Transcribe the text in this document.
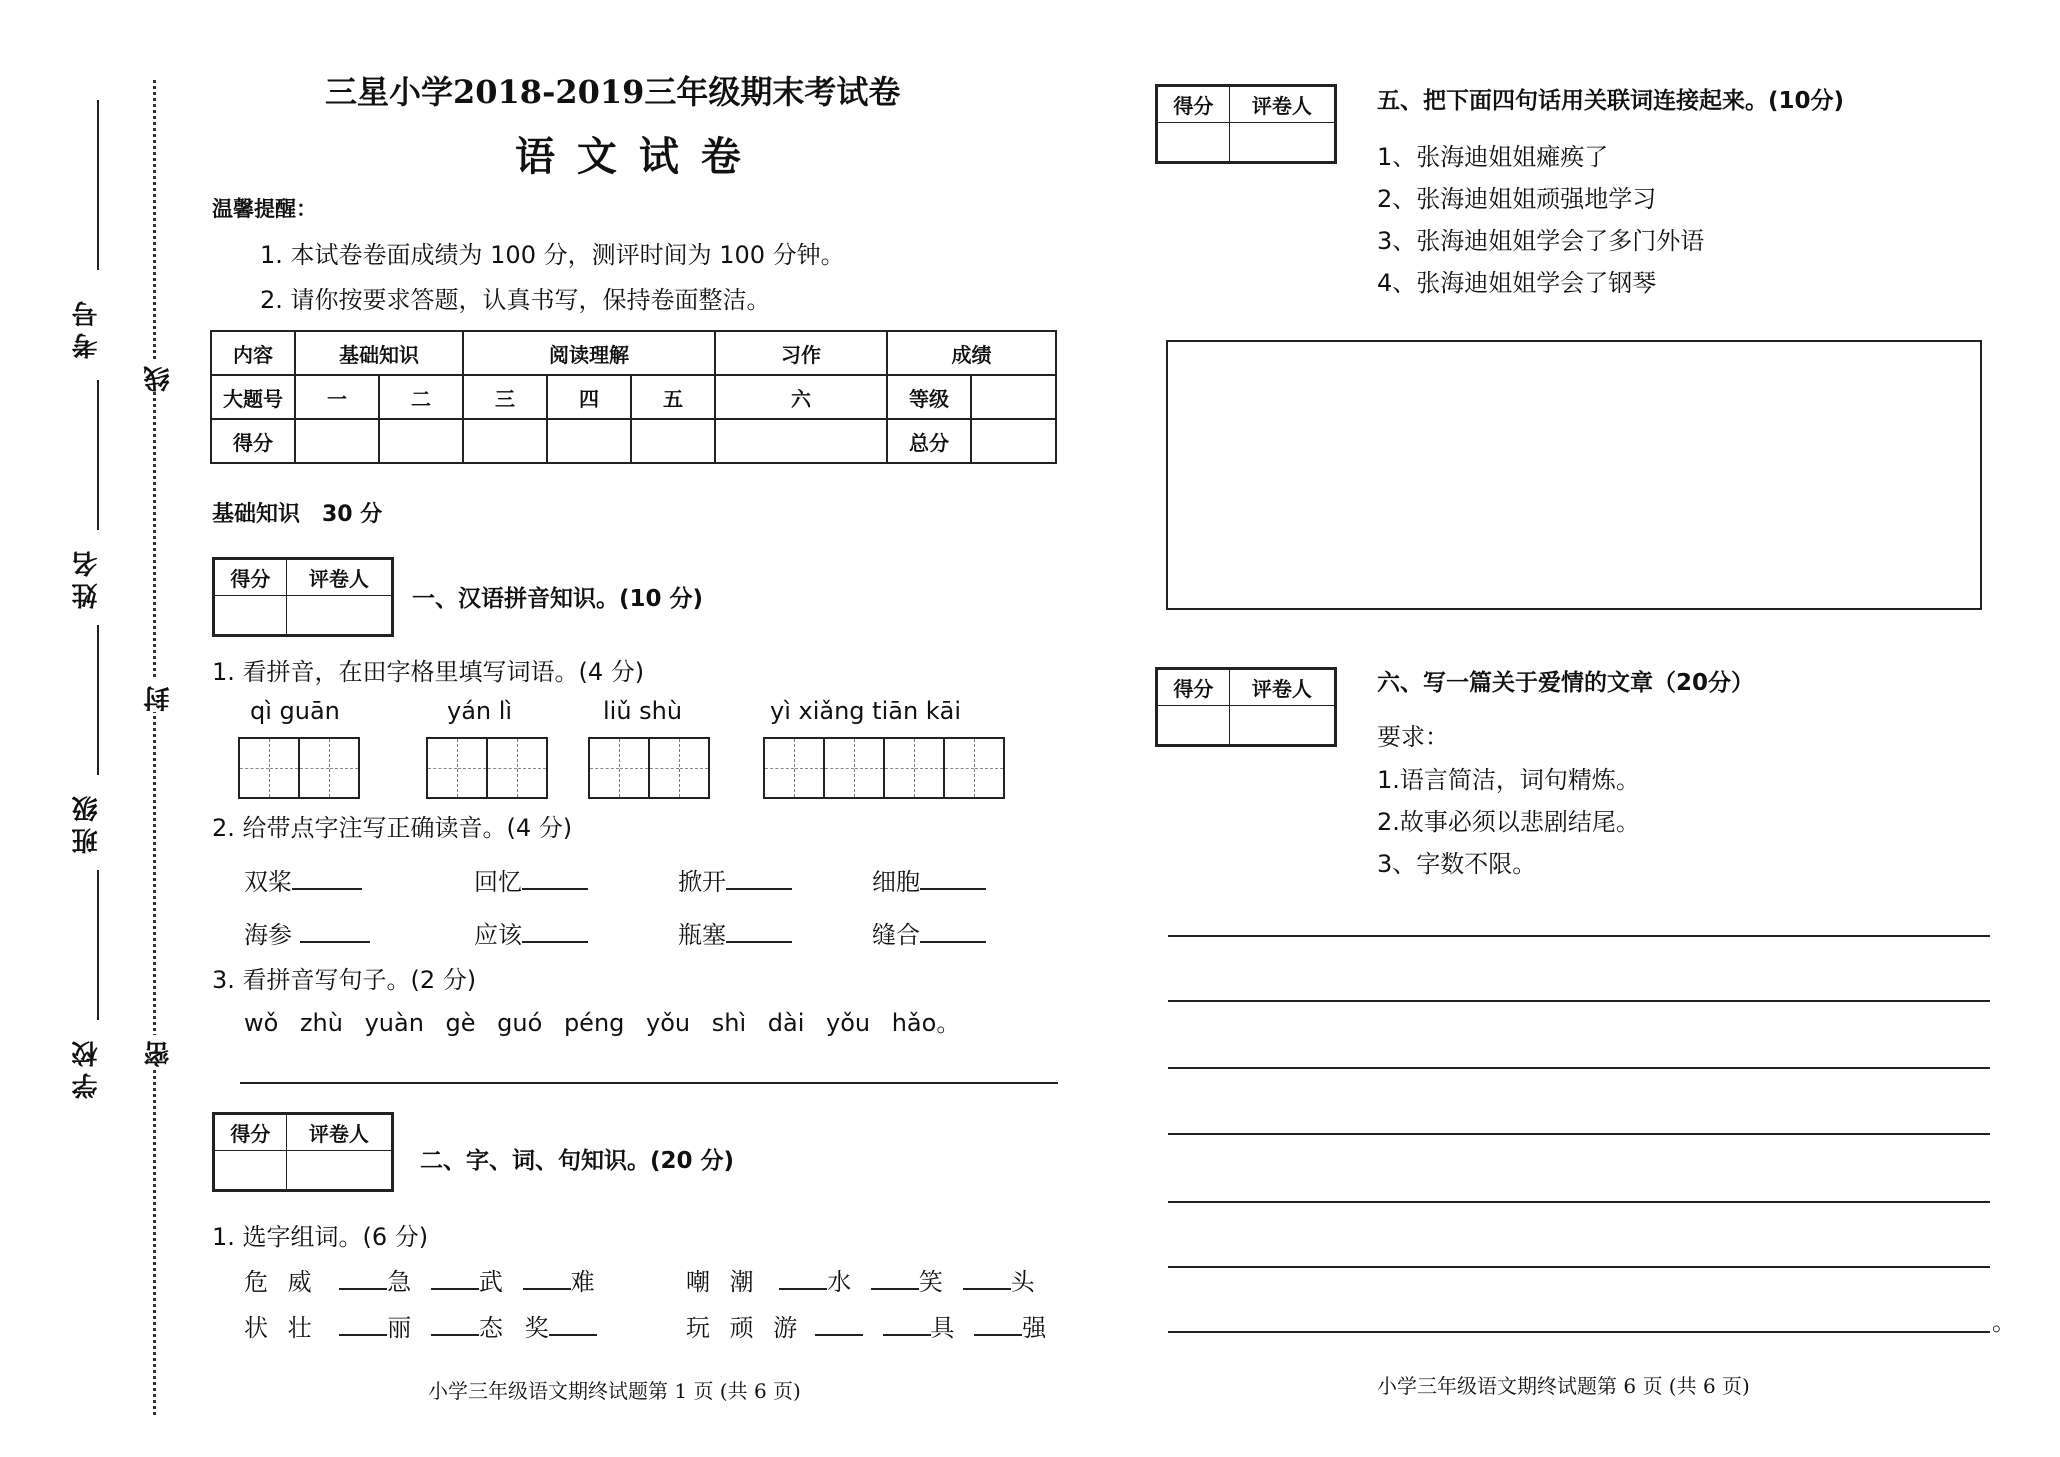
考号
姓名
班级
学校
线
封
密
三星小学2018-2019三年级期末考试卷
语 文 试 卷
温馨提醒：
1. 本试卷卷面成绩为 100 分，测评时间为 100 分钟。
2. 请你按要求答题，认真书写，保持卷面整洁。
内容	基础知识		阅读理解			习作	成绩	
大题号	一	二	三	四	五	六	等级	
得分							总分	
基础知识　30 分
得分	评卷人

一、汉语拼音知识。(10 分)
1. 看拼音，在田字格里填写词语。(4 分)
qì guān	yán lì	liǔ shù	yì xiǎng tiān kāi
2. 给带点字注写正确读音。(4 分)
双桨	回忆	掀开	细胞
海参	应该	瓶塞	缝合
3. 看拼音写句子。(2 分)
wǒ zhù yuàn gè guó péng yǒu shì dài yǒu hǎo。
得分	评卷人

二、字、词、句知识。(20 分)
1. 选字组词。(6 分)
危 威	急	武	难	嘲 潮	水	笑	头
状 壮	丽	态 奖	玩 顽 游	具	强
小学三年级语文期终试题第 1 页 (共 6 页)
得分	评卷人
		五、把下面四句话用关联词连接起来。(10分)
1、张海迪姐姐瘫痪了
2、张海迪姐姐顽强地学习
3、张海迪姐姐学会了多门外语
4、张海迪姐姐学会了钢琴
得分	评卷人
		六、写一篇关于爱情的文章（20分）
要求：
1.语言简洁，词句精炼。
2.故事必须以悲剧结尾。
3、字数不限。
。
小学三年级语文期终试题第 6 页 (共 6 页)
